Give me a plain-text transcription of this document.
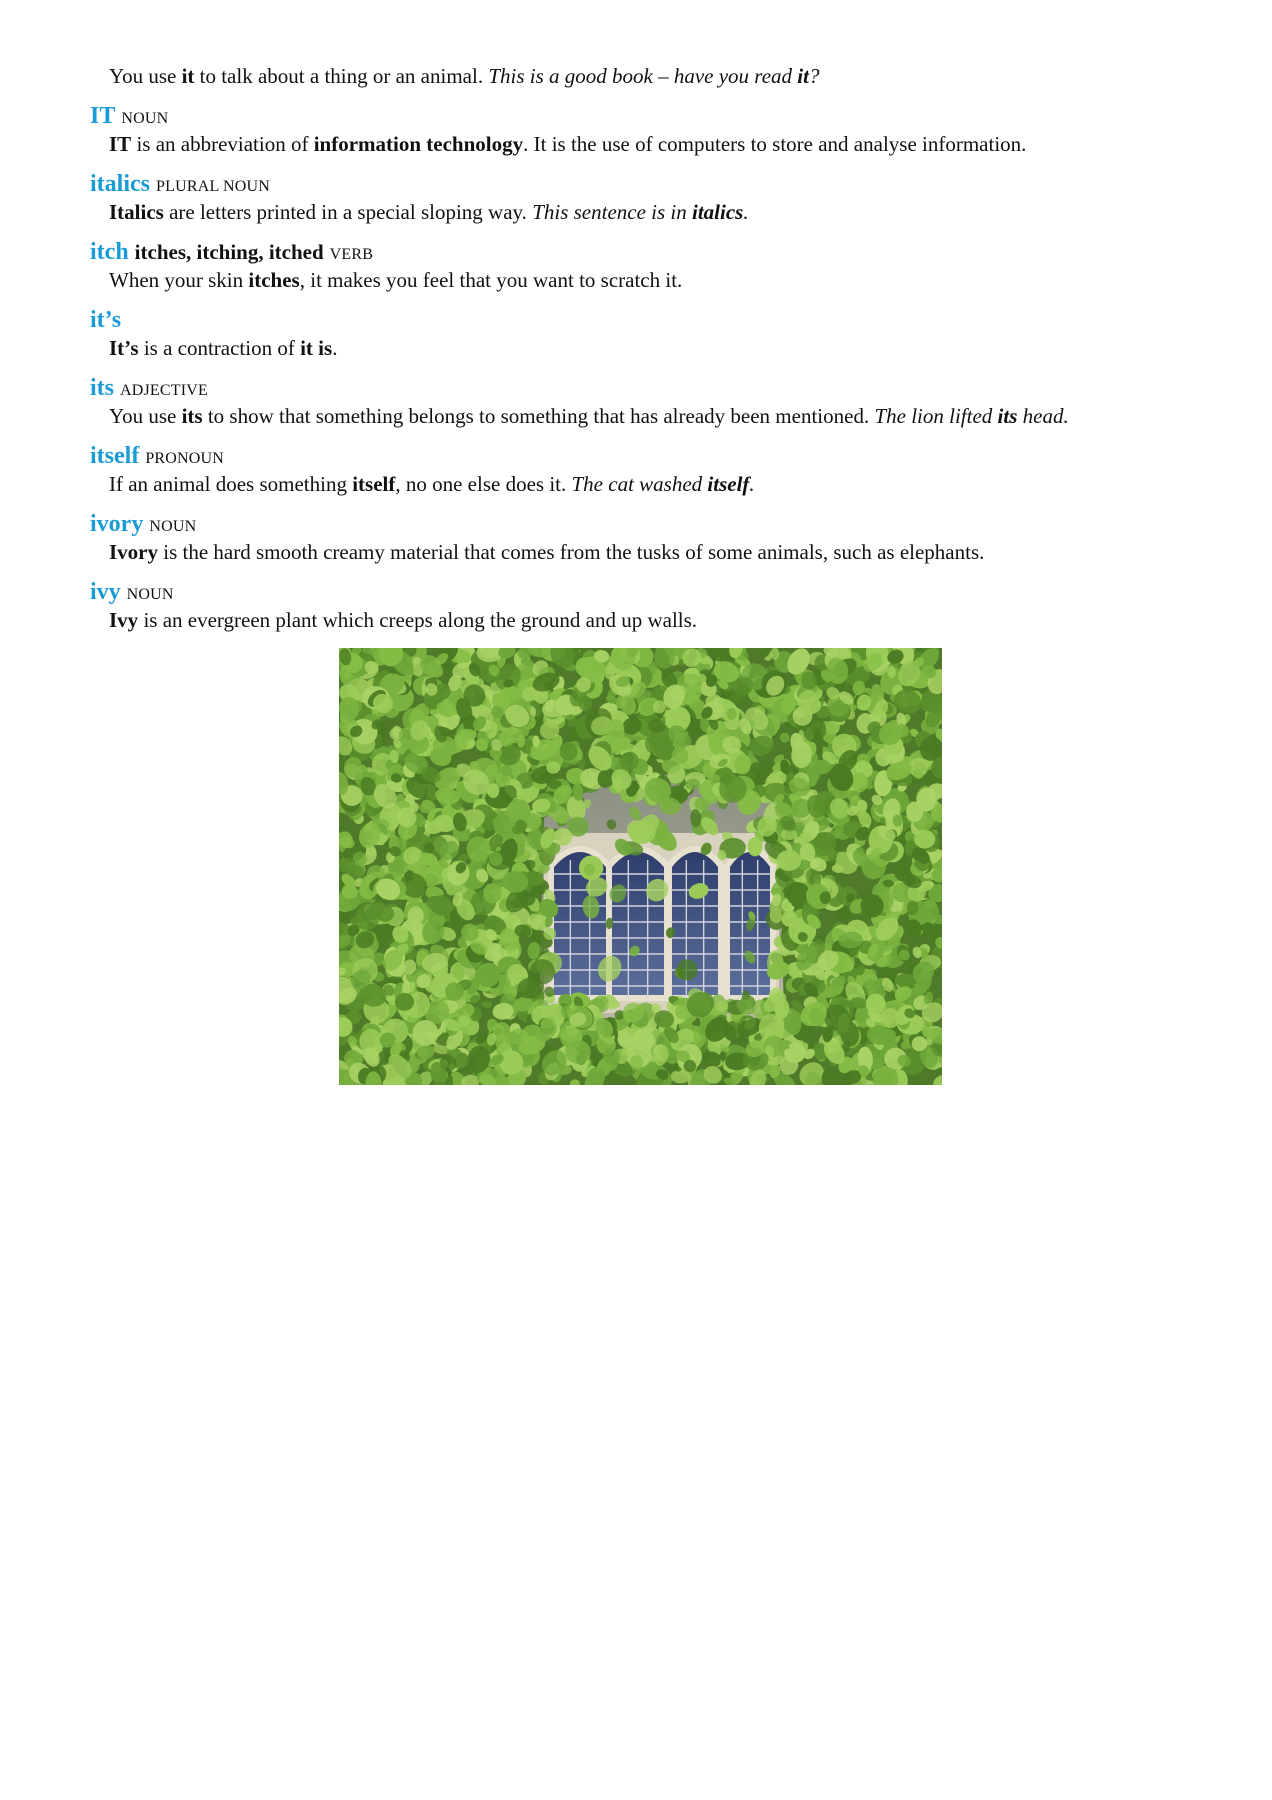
You use it to talk about a thing or an animal. This is a good book – have you read it?
IT NOUN
IT is an abbreviation of information technology. It is the use of computers to store and analyse information.
italics PLURAL NOUN
Italics are letters printed in a special sloping way. This sentence is in italics.
itch itches, itching, itched VERB
When your skin itches, it makes you feel that you want to scratch it.
it’s
It’s is a contraction of it is.
its ADJECTIVE
You use its to show that something belongs to something that has already been mentioned. The lion lifted its head.
itself PRONOUN
If an animal does something itself, no one else does it. The cat washed itself.
ivory NOUN
Ivory is the hard smooth creamy material that comes from the tusks of some animals, such as elephants.
ivy NOUN
Ivy is an evergreen plant which creeps along the ground and up walls.
